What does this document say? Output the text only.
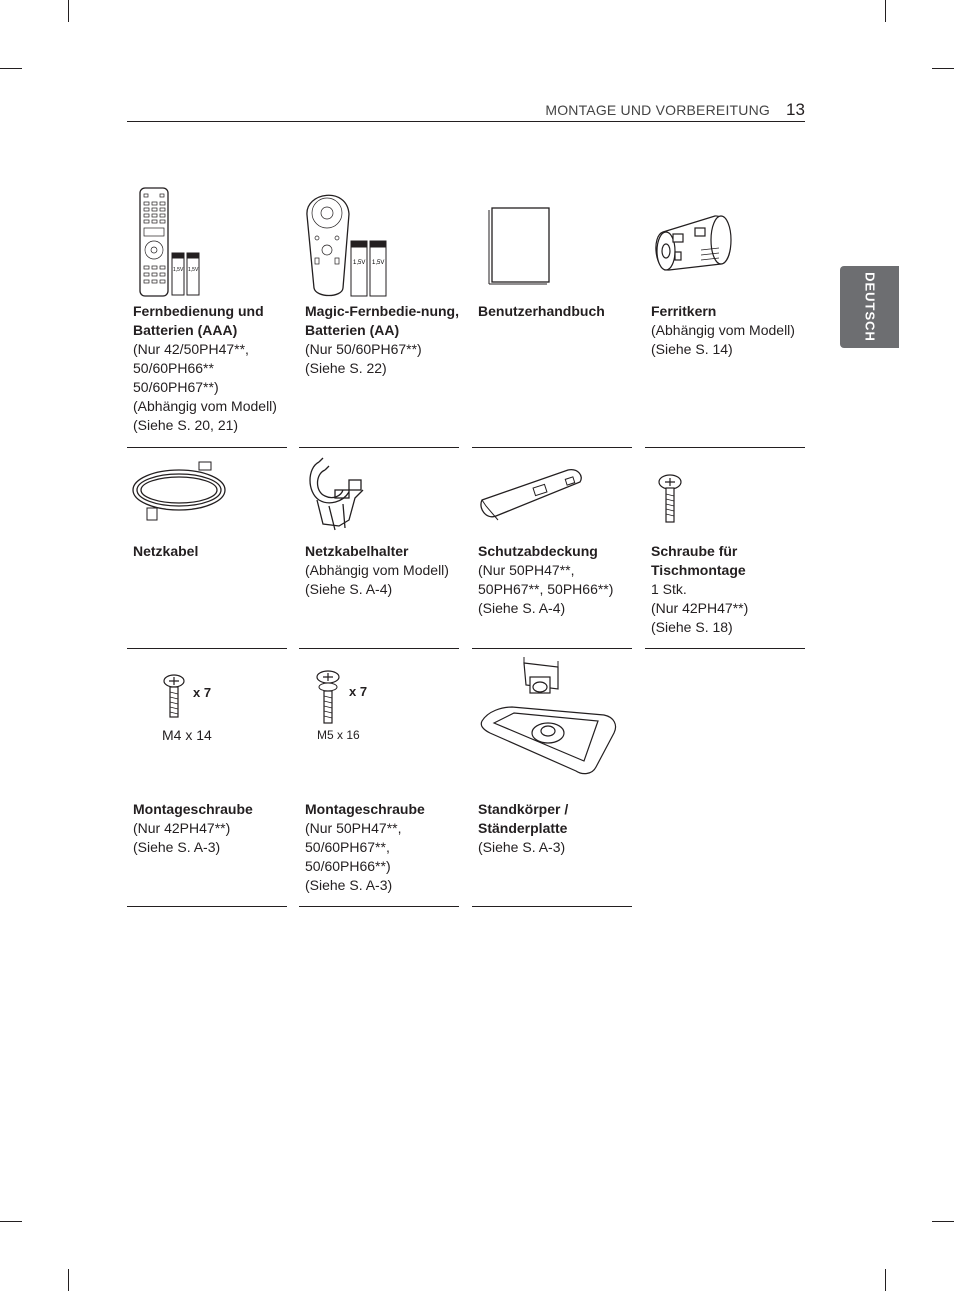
MONTAGE UND VORBEREITUNG 13
DEUTSCH
1,5V 1,5V
Fernbedienung und Batterien (AAA)
(Nur 42/50PH47**,
50/60PH66**
50/60PH67**)
(Abhängig vom Modell)
(Siehe S. 20, 21)
1,5V 1,5V
Magic-Fernbedie-nung, Batterien (AA)
(Nur 50/60PH67**)
(Siehe S. 22)
Benutzerhandbuch	Ferritkern
(Abhängig vom Modell)
(Siehe S. 14)
Netzkabel	Netzkabelhalter
(Abhängig vom Modell)
(Siehe S. A-4)
Schutzabdeckung
(Nur 50PH47**,
50PH67**, 50PH66**)
(Siehe S. A-4)
Schraube für Tischmontage
1 Stk.
(Nur 42PH47**)
(Siehe S. 18)
x 7
M4 x 14
Montageschraube
(Nur 42PH47**)
(Siehe S. A-3)
x 7
M5 x 16
Montageschraube
(Nur 50PH47**,
50/60PH67**,
50/60PH66**)
(Siehe S. A-3)
Standkörper / Ständerplatte
(Siehe S. A-3)
